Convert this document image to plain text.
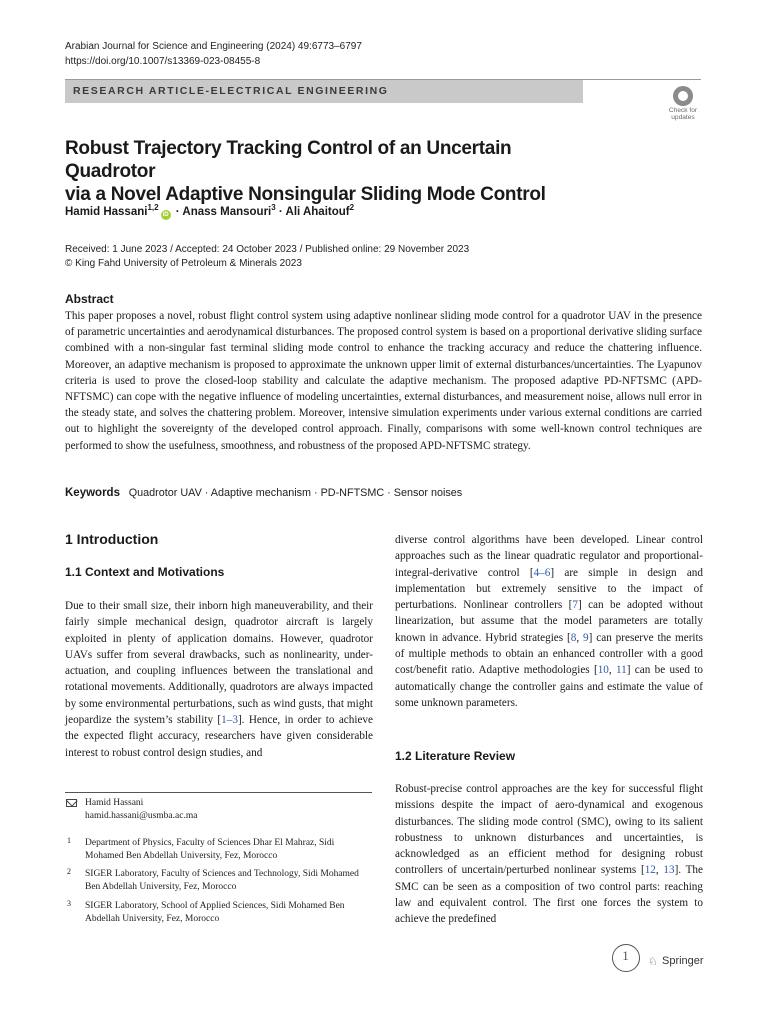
Arabian Journal for Science and Engineering (2024) 49:6773–6797
https://doi.org/10.1007/s13369-023-08455-8
RESEARCH ARTICLE-ELECTRICAL ENGINEERING
Check for
updates
Robust Trajectory Tracking Control of an Uncertain Quadrotor
via a Novel Adaptive Nonsingular Sliding Mode Control
Hamid Hassani$^{1,2}$iD · Anass Mansouri$^3$ · Ali Ahaitouf$^2$
Received: 1 June 2023 / Accepted: 24 October 2023 / Published online: 29 November 2023
© King Fahd University of Petroleum & Minerals 2023
Abstract
This paper proposes a novel, robust flight control system using adaptive nonlinear sliding mode control for a quadrotor UAV in the presence of parametric uncertainties and aerodynamical disturbances. The proposed control system is based on a proportional derivative sliding surface combined with a non-singular fast terminal sliding mode control to enhance the tracking accuracy and reduce the chattering influence. Moreover, an adaptive mechanism is proposed to approximate the unknown upper limit of external disturbances/uncertainties. The Lyapunov criteria is used to prove the closed-loop stability and calculate the adaptive mechanism. The proposed adaptive PD-NFTSMC (APD-NFTSMC) can cope with the negative influence of modeling uncertainties, external disturbances, and measurement noise, allows null error in the steady state, and solves the chattering problem. Moreover, intensive simulation experiments under various external conditions are carried out to highlight the sovereignty of the developed control approach. Finally, comparisons with some well-known control techniques are performed to show the usefulness, smoothness, and robustness of the proposed APD-NFTSMC strategy.
Keywords Quadrotor UAV · Adaptive mechanism · PD-NFTSMC · Sensor noises
1 Introduction
1.1 Context and Motivations
1.2 Literature Review
Due to their small size, their inborn high maneuverability, and their fairly simple mechanical design, quadrotor aircraft is largely exploited in plenty of application domains. However, quadrotor UAVs suffer from several drawbacks, such as nonlinearity, under-actuation, and coupling influences between the translational and rotational movements. Additionally, quadrotors are always impacted by some environmental perturbations, such as wind gusts, that might jeopardize the system’s stability [1–3]. Hence, in order to achieve the expected flight accuracy, researchers have given considerable interest to robust control design studies, and
diverse control algorithms have been developed. Linear control approaches such as the linear quadratic regulator and proportional-integral-derivative control [4–6] are simple in design and implementation but extremely sensitive to the impact of perturbations. Nonlinear controllers [7] can be adopted without linearization, but assume that the model parameters are totally known in advance. Hybrid strategies [8, 9] can preserve the merits of multiple methods to obtain an enhanced controller with a good cost/benefit ratio. Adaptive methodologies [10, 11] can be used to automatically change the controller gains and estimate the value of some unknown parameters.
Robust-precise control approaches are the key for successful flight missions despite the impact of aero-dynamical and exogenous disturbances. The sliding mode control (SMC), owing to its salient robustness to unknown disturbances and uncertainties, is acknowledged as an efficient method for designing robust controllers of uncertain/perturbed nonlinear systems [12, 13]. The SMC can be seen as a composition of two control parts: reaching law and equivalent control. The first one forces the system to achieve the predefined
Hamid Hassani
hamid.hassani@usmba.ac.ma
1 Department of Physics, Faculty of Sciences Dhar El Mahraz, Sidi Mohamed Ben Abdellah University, Fez, Morocco
2 SIGER Laboratory, Faculty of Sciences and Technology, Sidi Mohamed Ben Abdellah University, Fez, Morocco
3 SIGER Laboratory, School of Applied Sciences, Sidi Mohamed Ben Abdellah University, Fez, Morocco
1
♘ Springer
